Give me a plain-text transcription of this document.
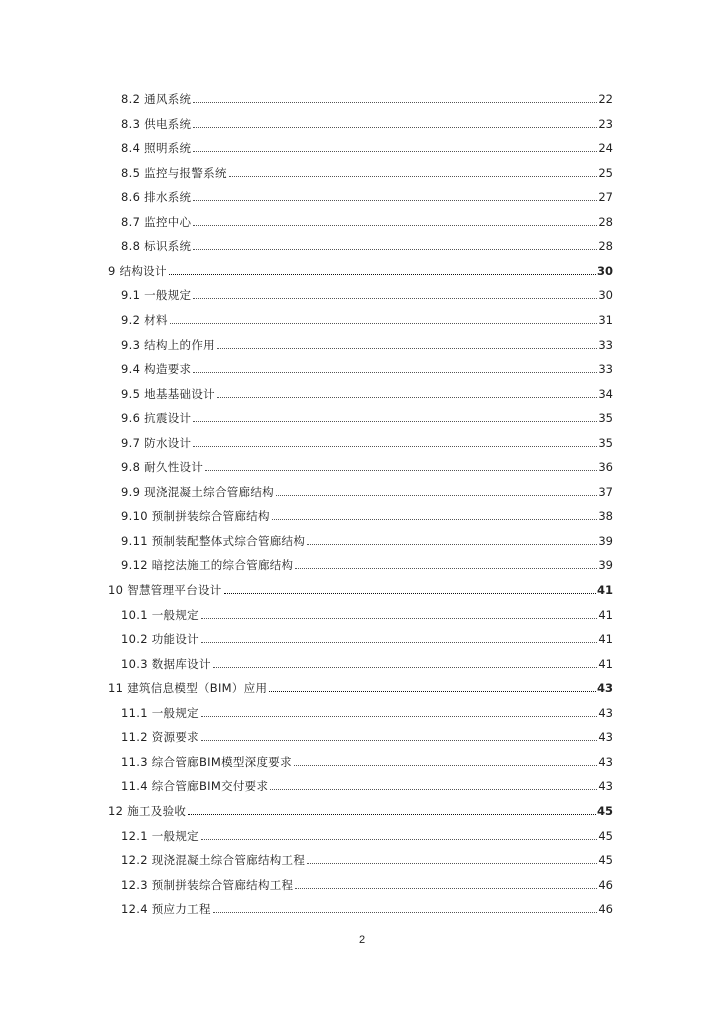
8.2 通风系统	22
8.3 供电系统	23
8.4 照明系统	24
8.5 监控与报警系统	25
8.6 排水系统	27
8.7 监控中心	28
8.8 标识系统	28
9 结构设计	30
9.1 一般规定	30
9.2 材料	31
9.3 结构上的作用	33
9.4 构造要求	33
9.5 地基基础设计	34
9.6 抗震设计	35
9.7 防水设计	35
9.8 耐久性设计	36
9.9 现浇混凝土综合管廊结构	37
9.10 预制拼装综合管廊结构	38
9.11 预制装配整体式综合管廊结构	39
9.12 暗挖法施工的综合管廊结构	39
10 智慧管理平台设计	41
10.1 一般规定	41
10.2 功能设计	41
10.3 数据库设计	41
11 建筑信息模型（BIM）应用	43
11.1 一般规定	43
11.2 资源要求	43
11.3 综合管廊BIM模型深度要求	43
11.4 综合管廊BIM交付要求	43
12 施工及验收	45
12.1 一般规定	45
12.2 现浇混凝土综合管廊结构工程	45
12.3 预制拼装综合管廊结构工程	46
12.4 预应力工程	46
2
